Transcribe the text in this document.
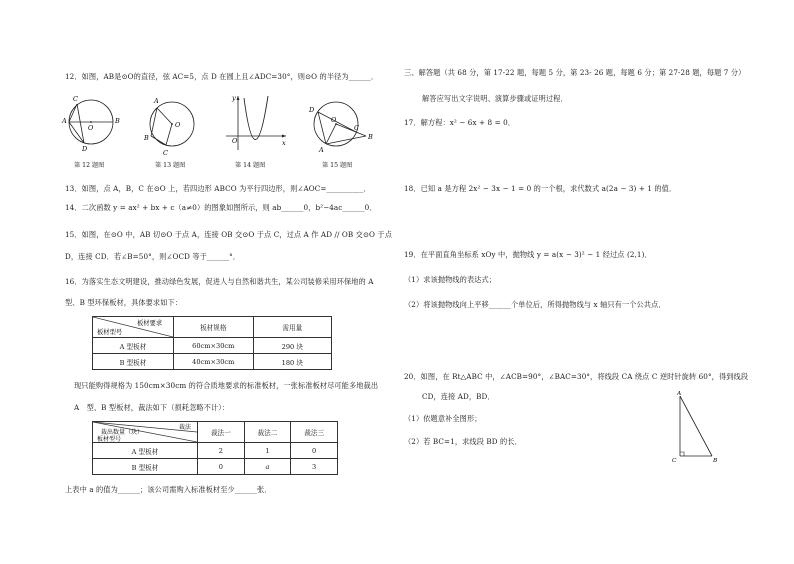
12．如图，AB是⊙O的直径，弦 AC=5，点 D 在圆上且∠ADC=30°，则⊙O 的半径为______．
C
A
O
B
D
第 12 题图
A
B
O
C
第 13 题图
y
O	x
第 14 题图
D
A
O
C
B
第 15 题图
13．如图，点 A，B，C 在⊙O 上，若四边形 ABCO 为平行四边形，则∠AOC=__________．
14．二次函数 y = ax² + bx + c（a≠0）的图象如图所示，则 ab______0，b²−4ac______0．
15．如图，在⊙O 中，AB 切⊙O 于点 A，连接 OB 交⊙O 于点 C，过点 A 作 AD // OB 交⊙O 于点
D，连接 CD．若∠B=50°，则∠OCD 等于______°．
16．为落实生态文明建设，推动绿色发展，促进人与自然和谐共生，某公司装修采用环保地的 A
型、B 型环保板材，具体要求如下：
板材要求
板材型号	板材规格	需用量
A 型板材	60cm×30cm	290 块
B 型板材	40cm×30cm	180 块
现只能购得规格为 150cm×30cm 的符合质地要求的标准板材，一张标准板材尽可能多地裁出
A　型、B 型板材，裁法如下（损耗忽略不计）：
裁法
裁出数量（块）
板材型号	裁法一	裁法二	裁法三
A 型板材	2	1	0
B 型板材	0	a	3
上表中 a 的值为______；该公司需购入标准板材至少______张．
三、解答题（共 68 分，第 17-22 题，每题 5 分，第 23- 26 题，每题 6 分；第 27-28 题，每题 7 分）
解答应写出文字说明、演算步骤或证明过程．
17．解方程：x² − 6x + 8 = 0．
18．已知 a 是方程 2x² − 3x − 1 = 0 的一个根，求代数式 a(2a − 3) + 1 的值．
19．在平面直角坐标系 xOy 中，抛物线 y = a(x − 3)² − 1 经过点 (2,1)．
（1）求该抛物线的表达式；
（2）将该抛物线向上平移______个单位后，所得抛物线与 x 轴只有一个公共点．
20．如图，在 Rt△ABC 中，∠ACB=90°，∠BAC=30°，将线段 CA 绕点 C 逆时针旋转 60°，得到线段
CD，连接 AD，BD．
（1）依题意补全图形；
（2）若 BC=1，求线段 BD 的长．
A
C	B
